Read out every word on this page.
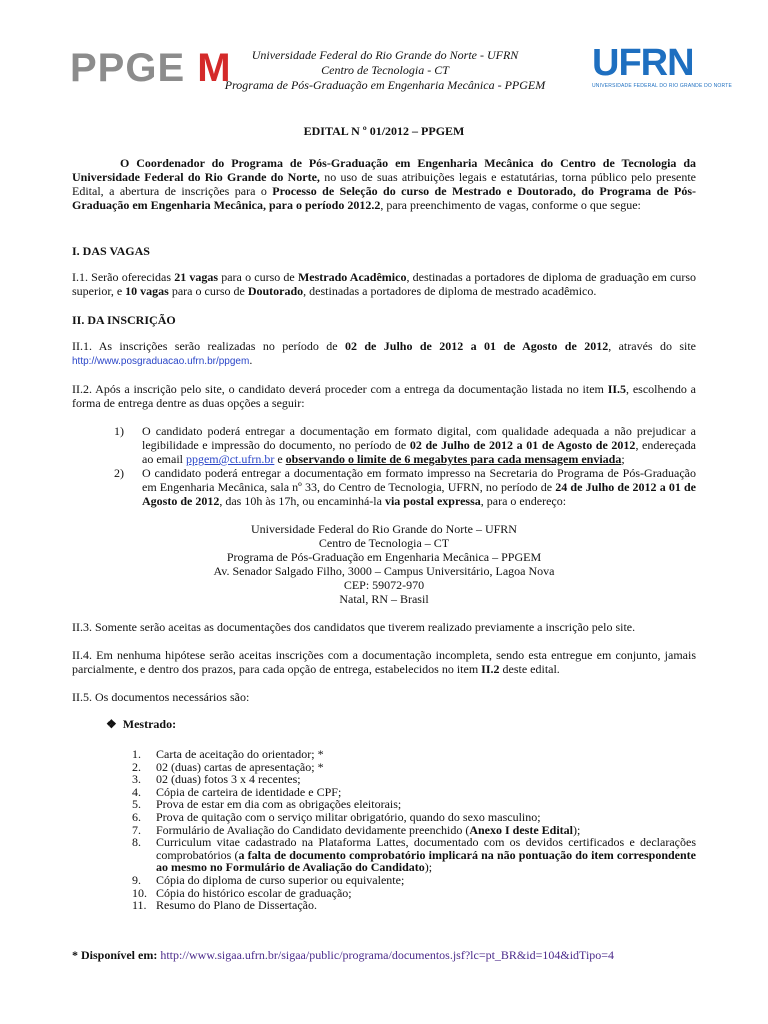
PPGE M	Universidade Federal do Rio Grande do Norte - UFRN
Centro de Tecnologia - CT
Programa de Pós-Graduação em Engenharia Mecânica - PPGEM
UFRN
UNIVERSIDADE FEDERAL DO RIO GRANDE DO NORTE
EDITAL N º 01/2012 – PPGEM

O Coordenador do Programa de Pós-Graduação em Engenharia Mecânica do Centro de Tecnologia da Universidade Federal do Rio Grande do Norte, no uso de suas atribuições legais e estatutárias, torna público pelo presente Edital, a abertura de inscrições para o Processo de Seleção do curso de Mestrado e Doutorado, do Programa de Pós-Graduação em Engenharia Mecânica, para o período 2012.2, para preenchimento de vagas, conforme o que segue:

I. DAS VAGAS

I.1. Serão oferecidas 21 vagas para o curso de Mestrado Acadêmico, destinadas a portadores de diploma de graduação em curso superior, e 10 vagas para o curso de Doutorado, destinadas a portadores de diploma de mestrado acadêmico.

II. DA INSCRIÇÃO

II.1. As inscrições serão realizadas no período de 02 de Julho de 2012 a 01 de Agosto de 2012, através do site http://www.posgraduacao.ufrn.br/ppgem.

II.2. Após a inscrição pelo site, o candidato deverá proceder com a entrega da documentação listada no item II.5, escolhendo a forma de entrega dentre as duas opções a seguir:

1) O candidato poderá entregar a documentação em formato digital, com qualidade adequada a não prejudicar a legibilidade e impressão do documento, no período de 02 de Julho de 2012 a 01 de Agosto de 2012, endereçada ao email ppgem@ct.ufrn.br e observando o limite de 6 megabytes para cada mensagem enviada;
2) O candidato poderá entregar a documentação em formato impresso na Secretaria do Programa de Pós-Graduação em Engenharia Mecânica, sala nº 33, do Centro de Tecnologia, UFRN, no período de 24 de Julho de 2012 a 01 de Agosto de 2012, das 10h às 17h, ou encaminhá-la via postal expressa, para o endereço:
Universidade Federal do Rio Grande do Norte – UFRN
Centro de Tecnologia – CT
Programa de Pós-Graduação em Engenharia Mecânica – PPGEM
Av. Senador Salgado Filho, 3000 – Campus Universitário, Lagoa Nova
CEP: 59072-970
Natal, RN – Brasil
II.3. Somente serão aceitas as documentações dos candidatos que tiverem realizado previamente a inscrição pelo site.

II.4. Em nenhuma hipótese serão aceitas inscrições com a documentação incompleta, sendo esta entregue em conjunto, jamais parcialmente, e dentro dos prazos, para cada opção de entrega, estabelecidos no item II.2 deste edital.

II.5. Os documentos necessários são:
❖ Mestrado:
1. Carta de aceitação do orientador; *
2. 02 (duas) cartas de apresentação; *
3. 02 (duas) fotos 3 x 4 recentes;
4. Cópia de carteira de identidade e CPF;
5. Prova de estar em dia com as obrigações eleitorais;
6. Prova de quitação com o serviço militar obrigatório, quando do sexo masculino;
7. Formulário de Avaliação do Candidato devidamente preenchido (Anexo I deste Edital);
8. Curriculum vitae cadastrado na Plataforma Lattes, documentado com os devidos certificados e declarações comprobatórios (a falta de documento comprobatório implicará na não pontuação do item correspondente ao mesmo no Formulário de Avaliação do Candidato);
9. Cópia do diploma de curso superior ou equivalente;
10. Cópia do histórico escolar de graduação;
11. Resumo do Plano de Dissertação.
* Disponível em: http://www.sigaa.ufrn.br/sigaa/public/programa/documentos.jsf?lc=pt_BR&id=104&idTipo=4
